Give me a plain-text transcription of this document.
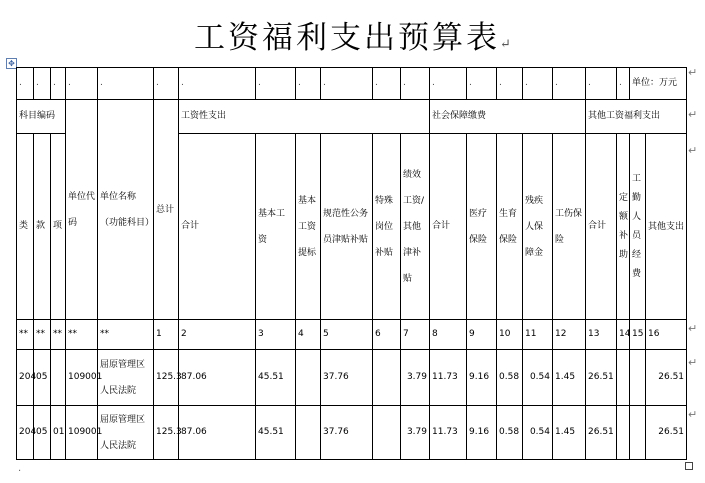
工资福利支出预算表↵
✥
.	.	.	.	.	.	.	.	.	.	.	.	.	.	.	.	.	.	.	单位：万元	
科目编码			单位代码	单位名称（功能科目）	总计	工资性支出						社会保障缴费					其他工资福利支出			
类	款	项				合计	基本工资	基本工资提标	规范性公务员津贴补贴	特殊岗位补贴	绩效工资/其他津补贴	合计	医疗保险	生育保险	残疾人保障金	工伤保险	合计	定额补助	工勤人员经费	其他支出
**	**	**	**	**	1	2	3	4	5	6	7	8	9	10	11	12	13	14	15	16
204	05		109001	屈原管理区人民法院	125.3	87.06	45.51		37.76		3.79	11.73	9.16	0.58	0.54	1.45	26.51			26.51
204	05	01	109001	屈原管理区人民法院	125.3	87.06	45.51		37.76		3.79	11.73	9.16	0.58	0.54	1.45	26.51			26.51
↵
↵
↵
↵
↵
↵
.
